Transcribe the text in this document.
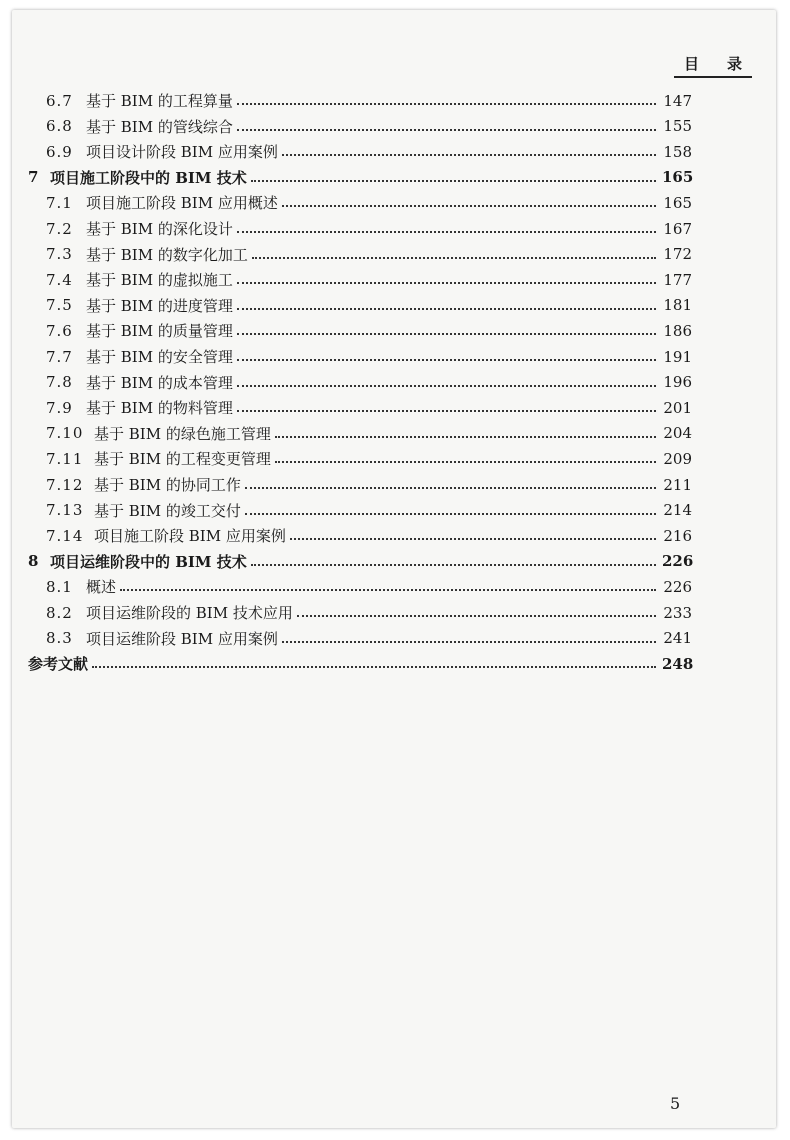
目 录
6.7 基于 BIM 的工程算量	147
6.8 基于 BIM 的管线综合	155
6.9 项目设计阶段 BIM 应用案例	158
7 项目施工阶段中的 BIM 技术	165
7.1 项目施工阶段 BIM 应用概述	165
7.2 基于 BIM 的深化设计	167
7.3 基于 BIM 的数字化加工	172
7.4 基于 BIM 的虚拟施工	177
7.5 基于 BIM 的进度管理	181
7.6 基于 BIM 的质量管理	186
7.7 基于 BIM 的安全管理	191
7.8 基于 BIM 的成本管理	196
7.9 基于 BIM 的物料管理	201
7.10 基于 BIM 的绿色施工管理	204
7.11 基于 BIM 的工程变更管理	209
7.12 基于 BIM 的协同工作	211
7.13 基于 BIM 的竣工交付	214
7.14 项目施工阶段 BIM 应用案例	216
8 项目运维阶段中的 BIM 技术	226
8.1 概述	226
8.2 项目运维阶段的 BIM 技术应用	233
8.3 项目运维阶段 BIM 应用案例	241
参考文献	248
5
